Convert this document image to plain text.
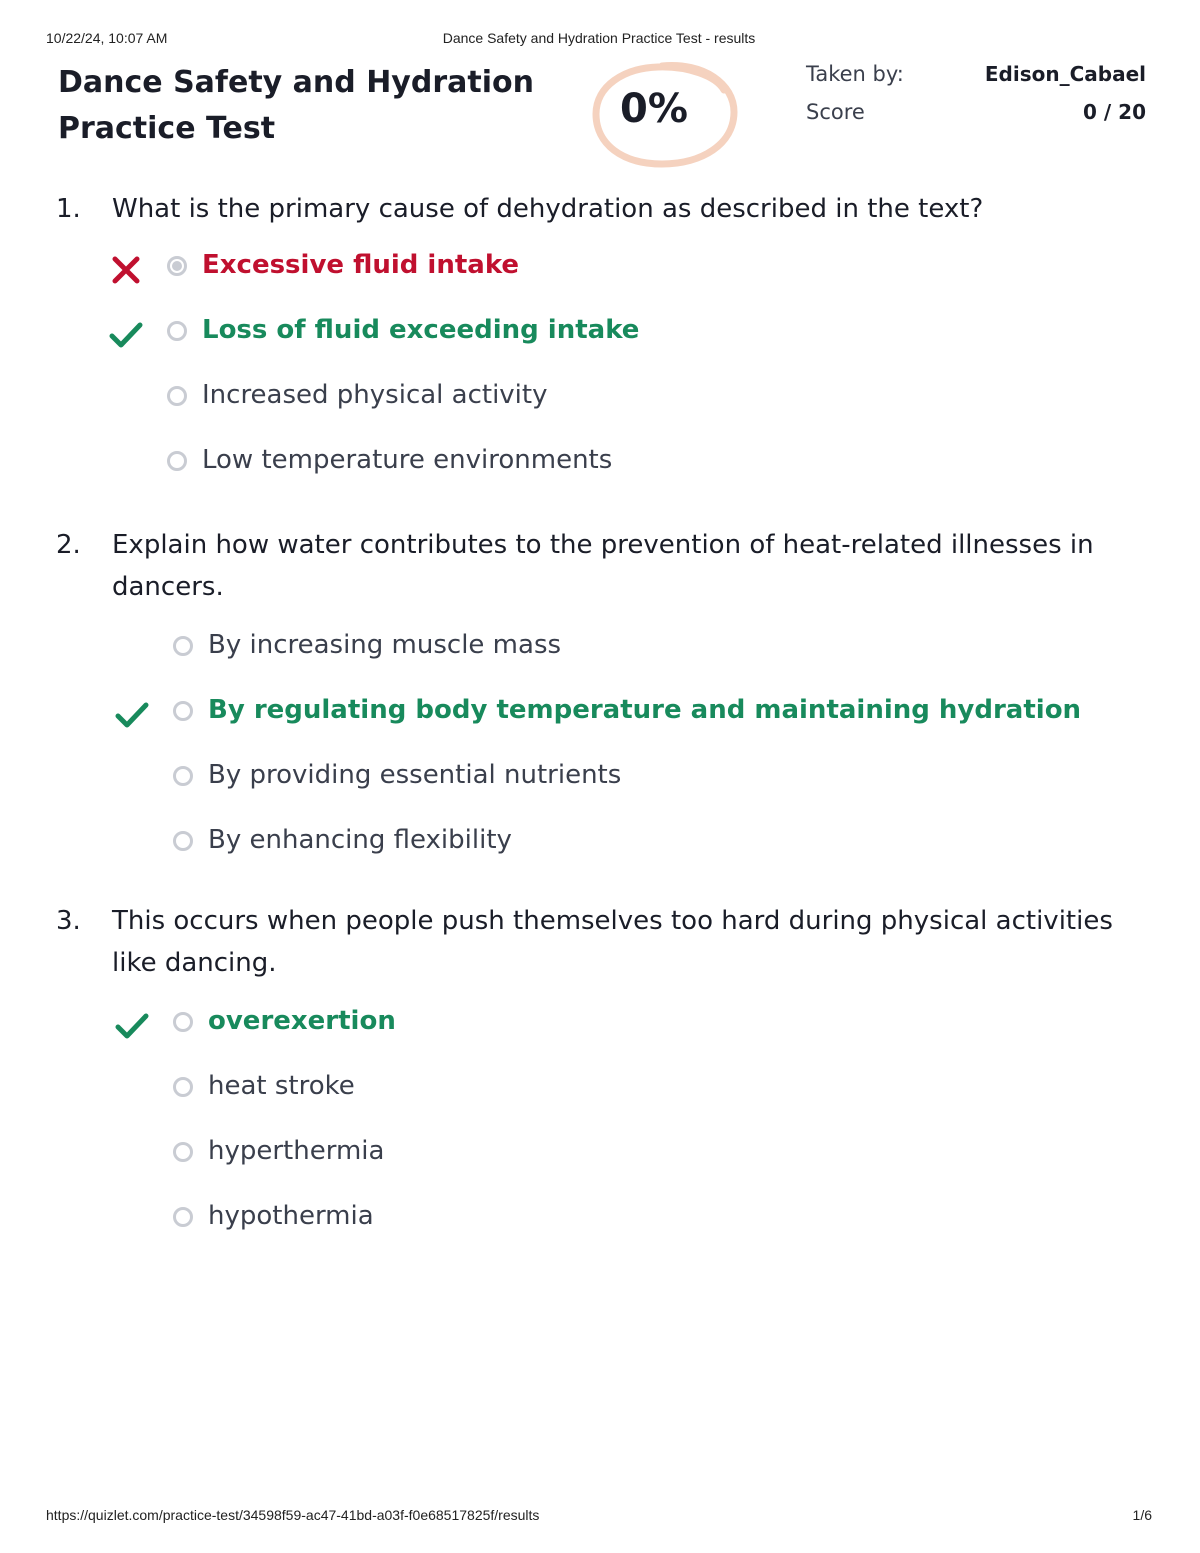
10/22/24, 10:07 AM	Dance Safety and Hydration Practice Test - results
Dance Safety and Hydration
Practice Test	0%
Taken by:	Edison_Cabael
Score	0 / 20
1. What is the primary cause of dehydration as described in the text?

Excessive fluid intake
Loss of fluid exceeding intake
Increased physical activity
Low temperature environments
2. Explain how water contributes to the prevention of heat-related illnesses in dancers.

By increasing muscle mass
By regulating body temperature and maintaining hydration
By providing essential nutrients
By enhancing flexibility
3. This occurs when people push themselves too hard during physical activities like dancing.

overexertion
heat stroke
hyperthermia
hypothermia
https://quizlet.com/practice-test/34598f59-ac47-41bd-a03f-f0e68517825f/results	1/6
